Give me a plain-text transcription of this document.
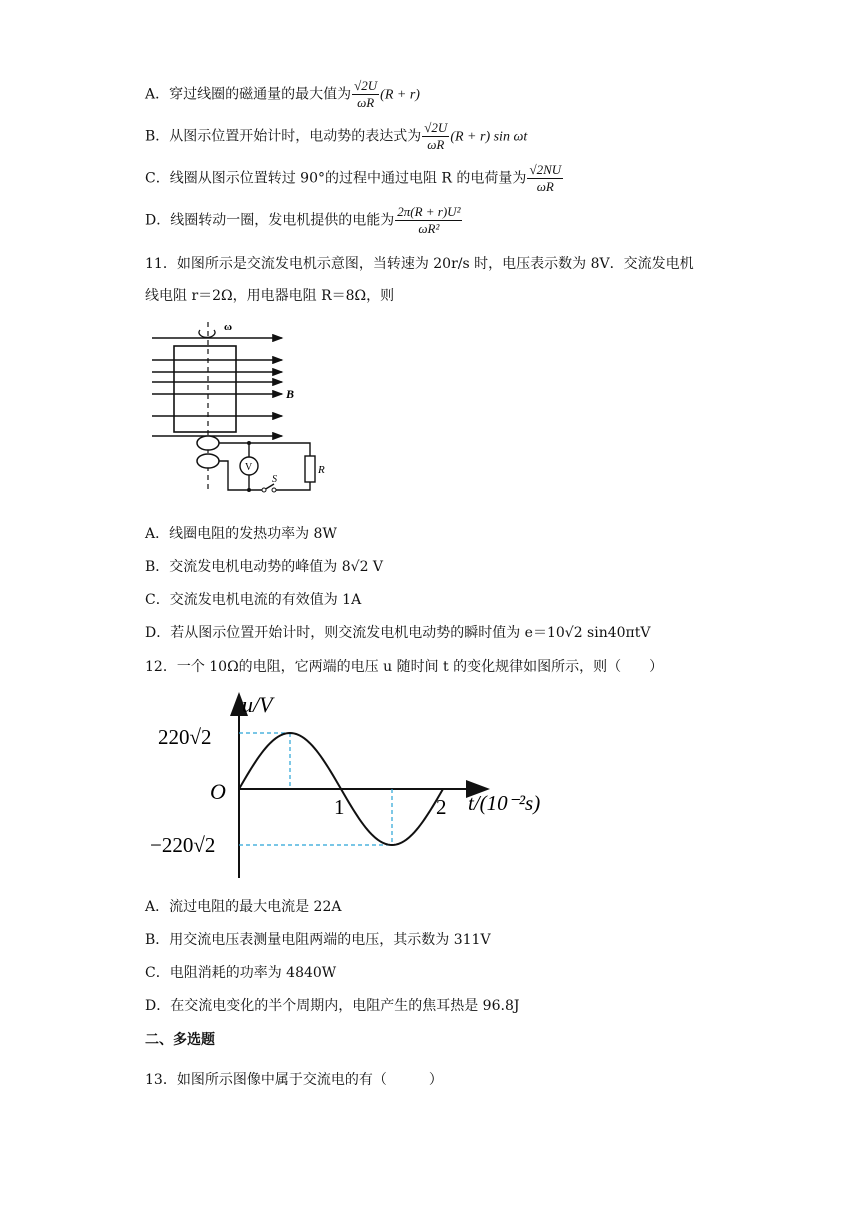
A．穿过线圈的磁通量的最大值为 $\frac{√2U}{\omega R} (R + r)$
B．从图示位置开始计时，电动势的表达式为 $\frac{√2U}{\omega R} (R + r)$ sin ωt
C．线圈从图示位置转过 90°的过程中通过电阻 R 的电荷量为 $\frac{√2NU}{\omega R}$
D．线圈转动一圈，发电机提供的电能为 $\frac{\text{2π(R + r)U²}}{\text{ωR²}}$
11．如图所示是交流发电机示意图，当转速为 20r/s 时，电压表示数为 8V．交流发电机
线电阻 r＝2Ω，用电器电阻 R＝8Ω，则
ω
B
V	R
S
A．线圈电阻的发热功率为 8W
B．交流发电机电动势的峰值为 8√2 V
C．交流发电机电流的有效值为 1A
D．若从图示位置开始计时，则交流发电机电动势的瞬时值为 e＝10√2 sin40πtV
12．一个 10Ω的电阻，它两端的电压 u 随时间 t 的变化规律如图所示，则（　　）
u/V
220√2
−220√2
O
1	2 t/(10⁻²s)
A．流过电阻的最大电流是 22A
B．用交流电压表测量电阻两端的电压，其示数为 311V
C．电阻消耗的功率为 4840W
D．在交流电变化的半个周期内，电阻产生的焦耳热是 96.8J
二、多选题
13．如图所示图像中属于交流电的有（　　　）
